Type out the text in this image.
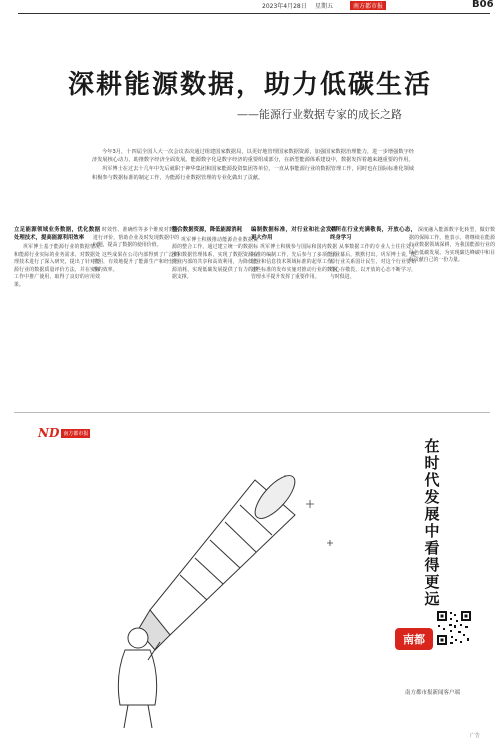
2023年4月28日 星期五	南方都市报	B06
深耕能源数据，助力低碳生活
——能源行业数据专家的成长之路

今年3月，十四届全国人大一次会议表决通过组建国家数据局，以更好地管理国家数据资源，加强国家数据治理能力，进一步增强数字经济发展核心动力，助推数字经济全面发展。能源数字化是数字经济的重要组成部分，在新型能源体系建设中，数据发挥着越来越重要的作用。

巩军博士在过去十几年中先后就职于神华集团和国家能源投资集团等单位，一直从事能源行业的数据管理工作，同时也在国际标准化领域积极参与数据标准的制定工作，为能源行业数据管理的专业化做出了贡献。

立足能源领域业务数据，优化数据处理技术，提高能源利用效率

巩军博士基于能源行业的数据情况和能源行业实际的业务需求，对数据处理技术进行了深入研究，提出了针对能源行业的数据质量评价方法，并在实际工作中推广使用，取得了良好的应用效果。

时效性、准确性等多个维度对数据进行评价，帮助企业及时发现数据中的问题，提高了数据的使用价值。

这些成果在公司内部得到了广泛的应用，有效地提升了能源生产和经营管理的效率。

整合数据资源，降低能源消耗

巩军博士积极推动能源企业数据资源的整合工作，通过建立统一的数据标准和数据管理体系，实现了数据资源在企业内部的共享和高效利用，为降低能源消耗、实现低碳发展提供了有力的数据支撑。

编制数据标准，对行业和社会发挥更大作用

巩军博士积极参与国际和国内数据标准的编制工作，先后参与了多项能源行业和信息技术领域标准的起草工作，这些标准的发布实施对推动行业的数据管理水平提升发挥了重要作用。

对所在行业充满敬畏，开放心态，终身学习

从事数据工作的专业人士往往处于行业幕后，默默付出。巩军博士说，能源行业关系国计民生，对这个行业要始终心存敬畏，以开放的心态不断学习，与时俱进。

深度融入能源数字化转型，做好数据的保障工作。他表示，将继续在能源行业数据领域深耕，为我国能源行业的绿色低碳发展、为实现碳达峰碳中和目标贡献自己的一份力量。

ND 南方都市报
在时代发展中看得更远
南都
南方都市报新闻客户端
广告
